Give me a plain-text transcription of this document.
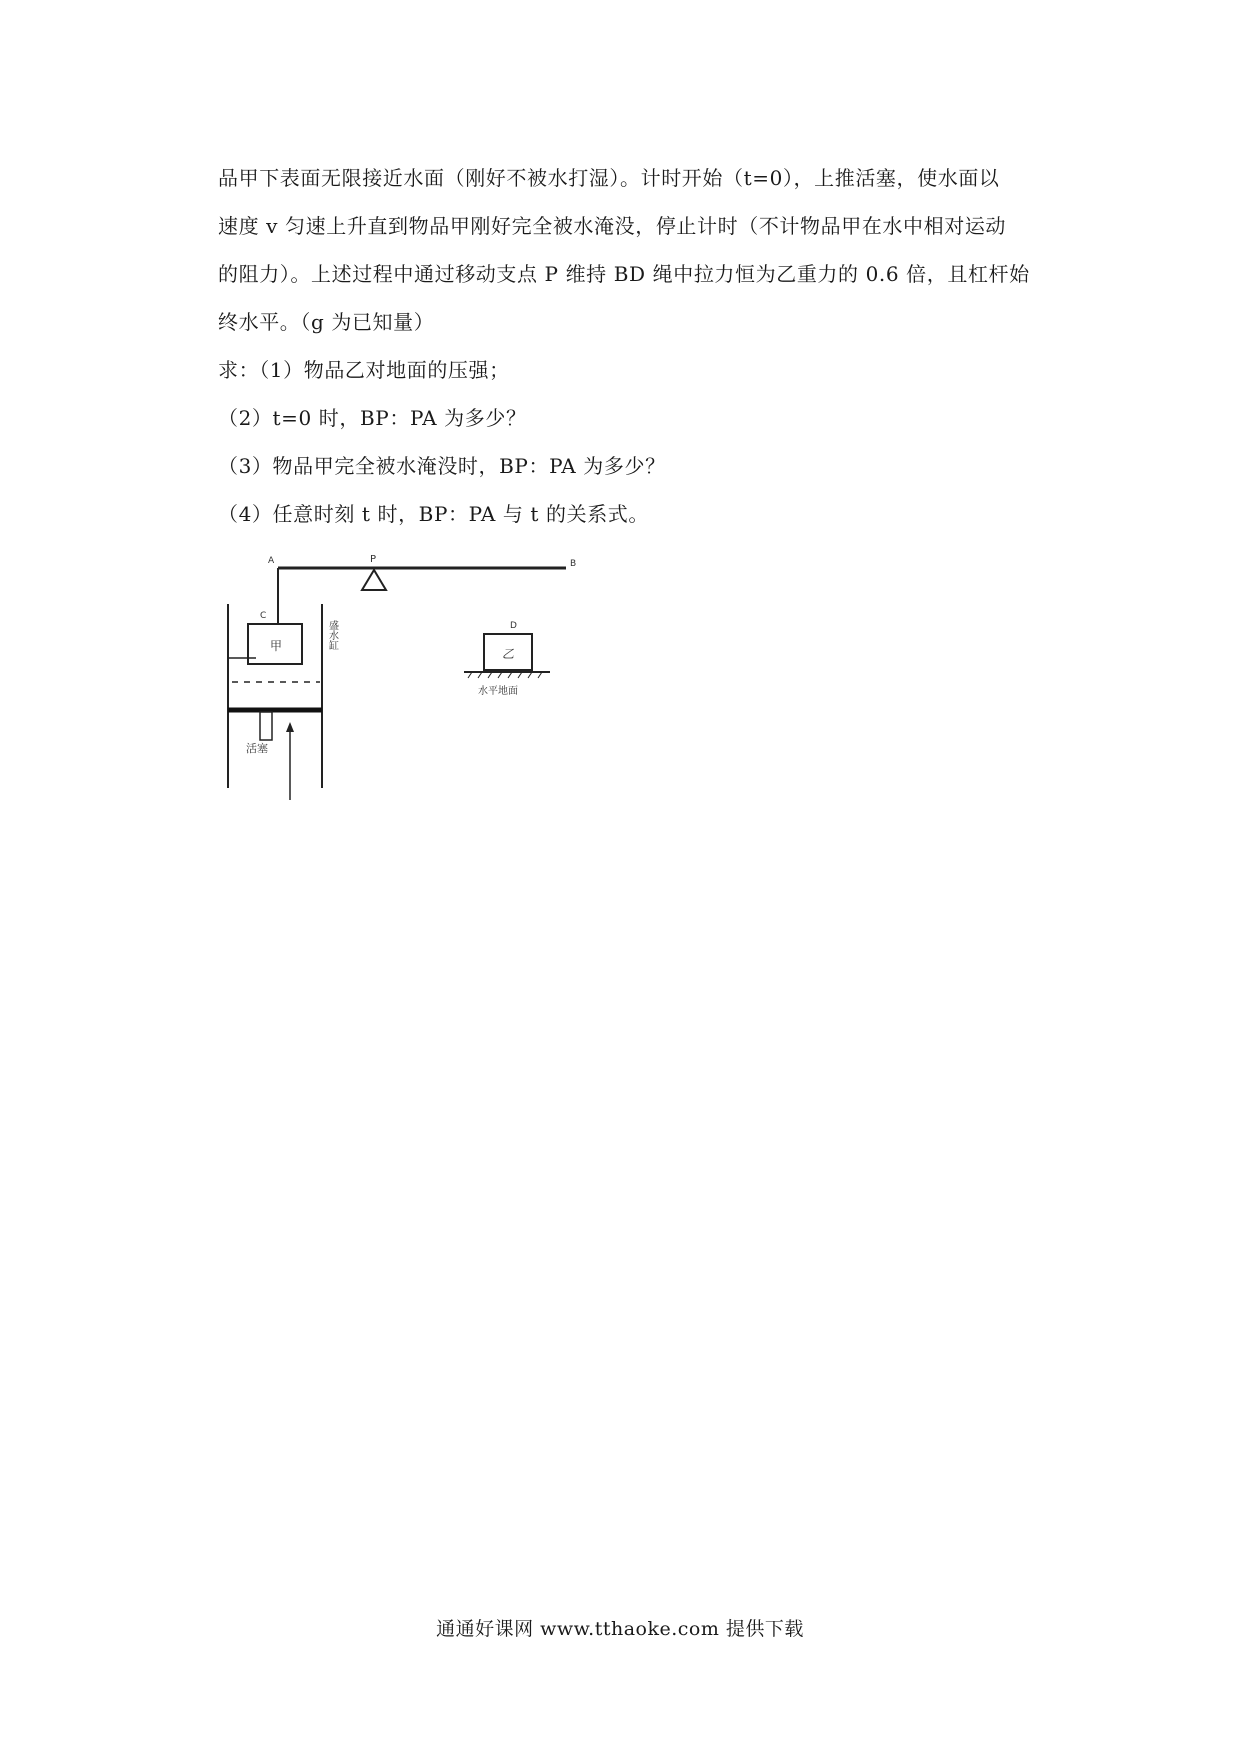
品甲下表面无限接近水面（刚好不被水打湿）。计时开始（t=0），上推活塞，使水面以
速度 v 匀速上升直到物品甲刚好完全被水淹没，停止计时（不计物品甲在水中相对运动
的阻力）。上述过程中通过移动支点 P 维持 BD 绳中拉力恒为乙重力的 0.6 倍，且杠杆始
终水平。（g 为已知量）

求：（1）物品乙对地面的压强；

（2）t=0 时，BP：PA 为多少？

（3）物品甲完全被水淹没时，BP：PA 为多少？

（4）任意时刻 t 时，BP：PA 与 t 的关系式。

P
A	B
C
甲
活塞
盛水缸	D
乙
水平地面
通通好课网 www.tthaoke.com 提供下载
